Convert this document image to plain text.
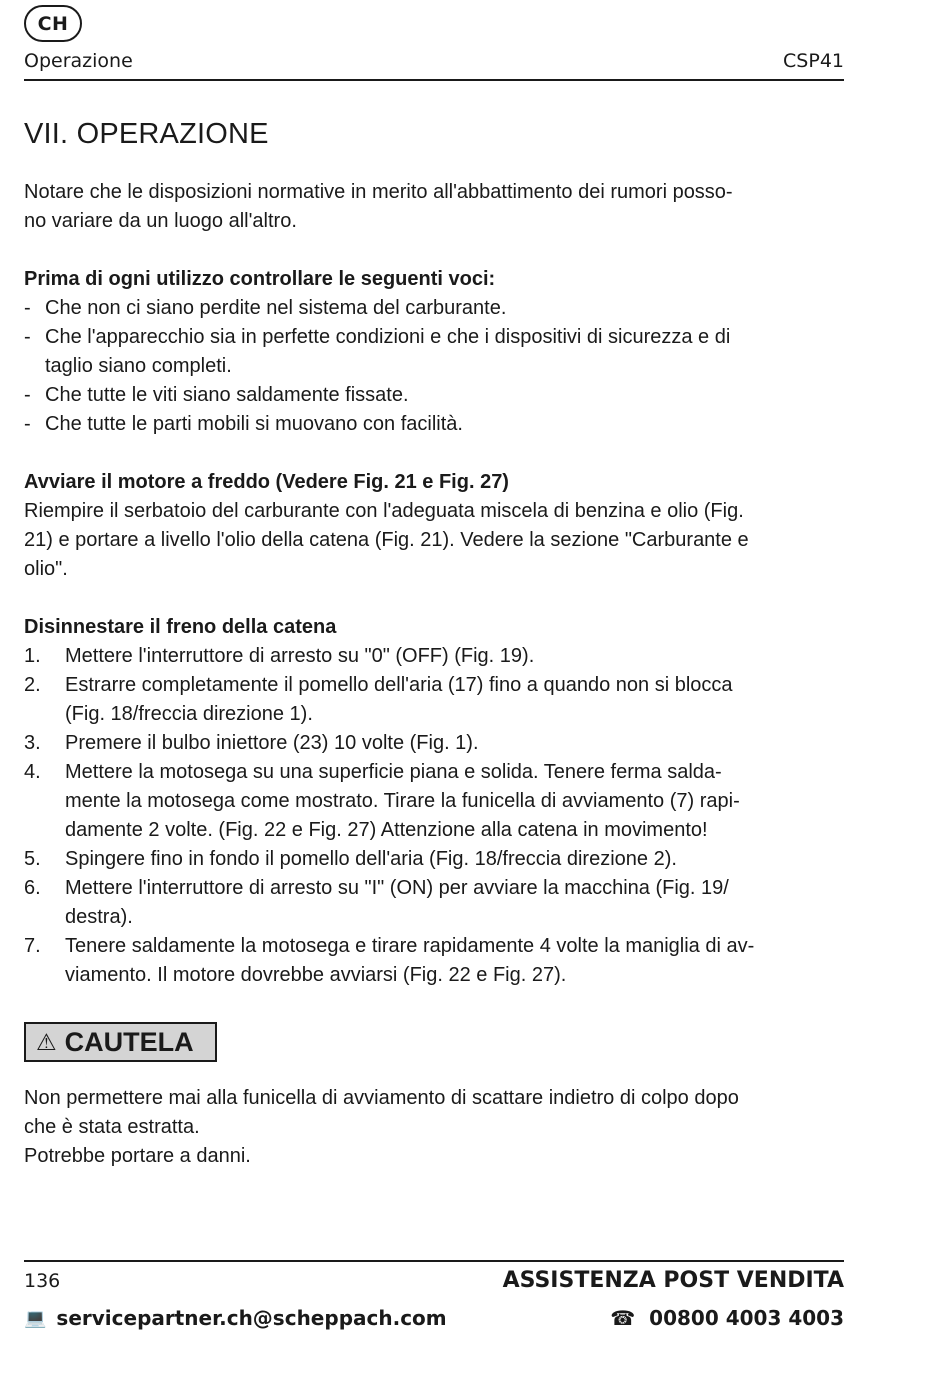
CH
Operazione	CSP41
VII. OPERAZIONE

Notare che le disposizioni normative in merito all'abbattimento dei rumori posso-

no variare da un luogo all'altro.

Prima di ogni utilizzo controllare le seguenti voci:

- Che non ci siano perdite nel sistema del carburante.

- Che l'apparecchio sia in perfette condizioni e che i dispositivi di sicurezza e di

taglio siano completi.

- Che tutte le viti siano saldamente fissate.

- Che tutte le parti mobili si muovano con facilità.

Avviare il motore a freddo (Vedere Fig. 21 e Fig. 27)

Riempire il serbatoio del carburante con l'adeguata miscela di benzina e olio (Fig.

21) e portare a livello l'olio della catena (Fig. 21). Vedere la sezione "Carburante e

olio".

Disinnestare il freno della catena

1.	Mettere l'interruttore di arresto su "0" (OFF) (Fig. 19).

2.	Estrarre completamente il pomello dell'aria (17) fino a quando non si blocca

(Fig. 18/freccia direzione 1).

3.	Premere il bulbo iniettore (23) 10 volte (Fig. 1).

4.	Mettere la motosega su una superficie piana e solida. Tenere ferma salda-

mente la motosega come mostrato. Tirare la funicella di avviamento (7) rapi-

damente 2 volte. (Fig. 22 e Fig. 27) Attenzione alla catena in movimento!

5.	Spingere fino in fondo il pomello dell'aria (Fig. 18/freccia direzione 2).

6.	Mettere l'interruttore di arresto su "I" (ON) per avviare la macchina (Fig. 19/

destra).

7.	Tenere saldamente la motosega e tirare rapidamente 4 volte la maniglia di av-

viamento. Il motore dovrebbe avviarsi (Fig. 22 e Fig. 27).

⚠ CAUTELA

Non permettere mai alla funicella di avviamento di scattare indietro di colpo dopo

che è stata estratta.

Potrebbe portare a danni.

136	ASSISTENZA POST VENDITA
💻 servicepartner.ch@scheppach.com	☎ 00800 4003 4003
